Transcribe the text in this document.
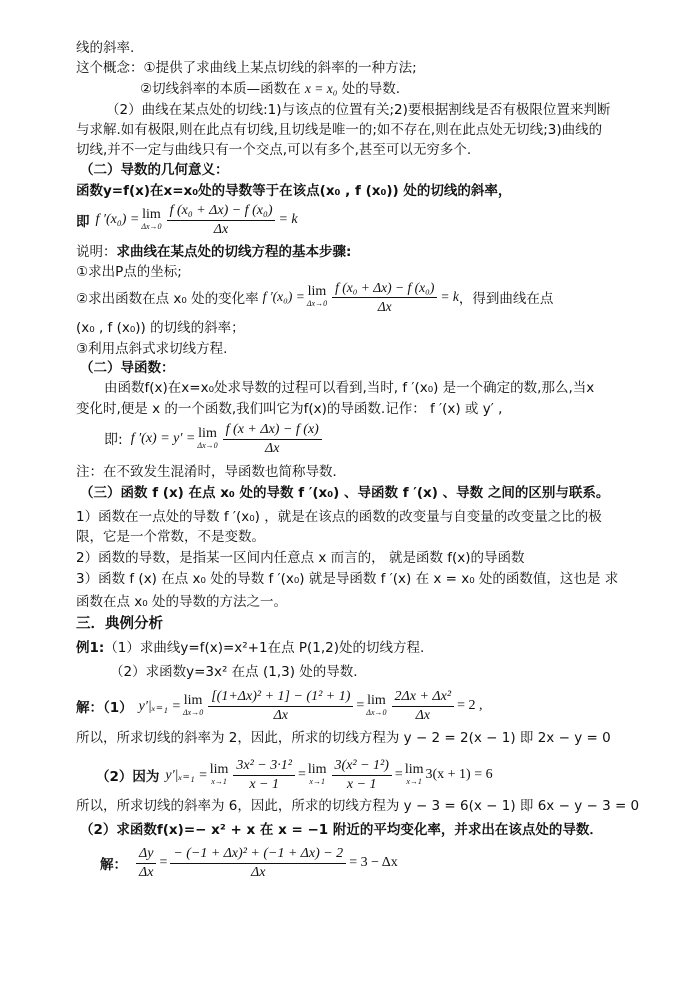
线的斜率.
这个概念：①提供了求曲线上某点切线的斜率的一种方法;
②切线斜率的本质—函数在 x = x₀ 处的导数.
（2）曲线在某点处的切线:1)与该点的位置有关;2)要根据割线是否有极限位置来判断
与求解.如有极限,则在此点有切线,且切线是唯一的;如不存在,则在此点处无切线;3)曲线的
切线,并不一定与曲线只有一个交点,可以有多个,甚至可以无穷多个.
（二）导数的几何意义：
函数y=f(x)在x=x₀处的导数等于在该点(x₀ , f (x₀)) 处的切线的斜率，
即 f ′(x₀) = lim
$\Delta x\to 0 \frac{\text{f (x₀ + Δx) − f (x₀)}}{\Delta x} = k$
说明：求曲线在某点处的切线方程的基本步骤:
①求出P点的坐标;
②求出函数在点 x₀ 处的变化率 f ′(x₀) = lim
$\Delta x\to 0 \frac{\text{f (x₀ + Δx) − f (x₀)}}{\Delta x} = k$ ，得到曲线在点
(x₀ , f (x₀)) 的切线的斜率；
③利用点斜式求切线方程.
（二）导函数：
由函数f(x)在x=x₀处求导数的过程可以看到,当时, f ′(x₀) 是一个确定的数,那么,当x
变化时,便是 x 的一个函数,我们叫它为f(x)的导函数.记作： f ′(x) 或 y′ ,
即: f ′(x) = y′ = lim
$\Delta x\to 0 \frac{f (x + \Delta x) - f (x)}{\Delta x}$
注：在不致发生混淆时，导函数也简称导数．
（三）函数 f (x) 在点 x₀ 处的导数 f ′(x₀) 、导函数 f ′(x) 、导数 之间的区别与联系。
1）函数在一点处的导数 f ′(x₀) ，就是在该点的函数的改变量与自变量的改变量之比的极
限，它是一个常数，不是变数。
2）函数的导数，是指某一区间内任意点 x 而言的， 就是函数 f(x)的导函数
3）函数 f (x) 在点 x₀ 处的导数 f ′(x₀) 就是导函数 f ′(x) 在 x = x₀ 处的函数值，这也是 求
函数在点 x₀ 处的导数的方法之一。
三．典例分析
例1:（1）求曲线y=f(x)=x²+1在点 P(1,2)处的切线方程.
（2）求函数y=3x² 在点 (1,3) 处的导数.
解：（1） y′|ₓ₌₁ = lim
$\Delta x\to 0 \frac{\text{[(1+Δx)² + 1] − (1² + 1)}}{\Delta x} = \lim$
$\Delta x\to 0 \frac{\text{2Δx + Δx²}}{\Delta x} = 2$ ,
所以，所求切线的斜率为 2，因此，所求的切线方程为 y − 2 = 2(x − 1) 即 2x − y = 0
（2）因为 y′|ₓ₌₁ = lim
$x\to 1 \frac{\text{3x² − 3·1²}}{x - 1} = \lim$
$x\to 1 \frac{\text{3(x² − 1²)}}{x - 1} = \lim$
x→1 3(x + 1) = 6
所以，所求切线的斜率为 6，因此，所求的切线方程为 y − 3 = 6(x − 1) 即 6x − y − 3 = 0
（2）求函数f(x)=− x² + x 在 x = −1 附近的平均变化率，并求出在该点处的导数．
解： $\frac{\Delta y}{\Delta x} = \frac{\text{− (−1 + Δx)² + (−1 + Δx) − 2}}{\Delta x} = 3 - \Delta x$
